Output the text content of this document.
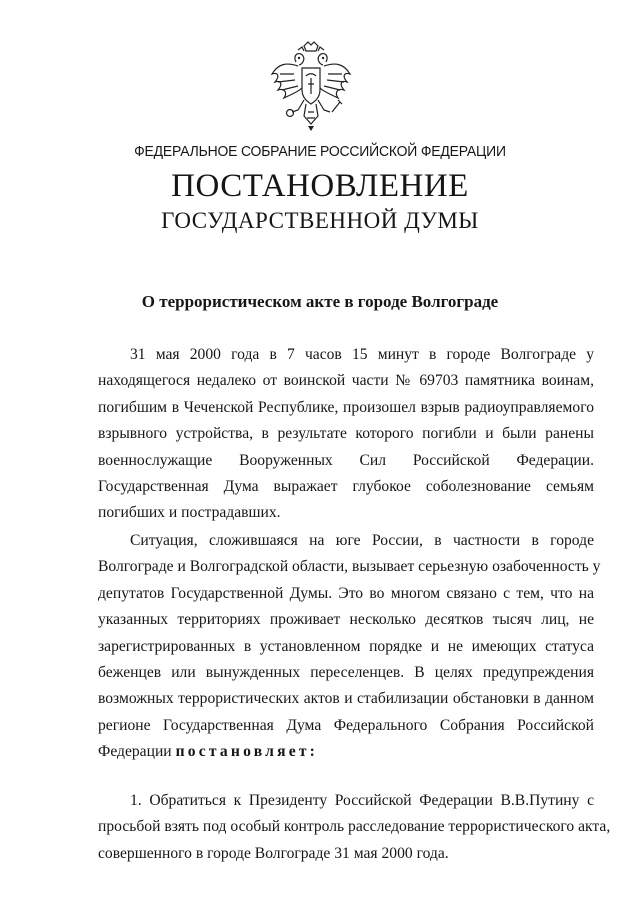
ФЕДЕРАЛЬНОЕ СОБРАНИЕ РОССИЙСКОЙ ФЕДЕРАЦИИ
ПОСТАНОВЛЕНИЕ
ГОСУДАРСТВЕННОЙ ДУМЫ
О террористическом акте в городе Волгограде
31 мая 2000 года в 7 часов 15 минут в городе Волгограде у
находящегося недалеко от воинской части № 69703 памятника воинам,
погибшим в Чеченской Республике, произошел взрыв радиоуправляемого
взрывного устройства, в результате которого погибли и были ранены
военнослужащие Вооруженных Сил Российской Федерации.
Государственная Дума выражает глубокое соболезнование семьям
погибших и пострадавших.
Ситуация, сложившаяся на юге России, в частности в городе
Волгограде и Волгоградской области, вызывает серьезную озабоченность у
депутатов Государственной Думы. Это во многом связано с тем, что на
указанных территориях проживает несколько десятков тысяч лиц, не
зарегистрированных в установленном порядке и не имеющих статуса
беженцев или вынужденных переселенцев. В целях предупреждения
возможных террористических актов и стабилизации обстановки в данном
регионе Государственная Дума Федерального Собрания Российской
Федерации постановляет:
1. Обратиться к Президенту Российской Федерации В.В.Путину с
просьбой взять под особый контроль расследование террористического акта,
совершенного в городе Волгограде 31 мая 2000 года.
